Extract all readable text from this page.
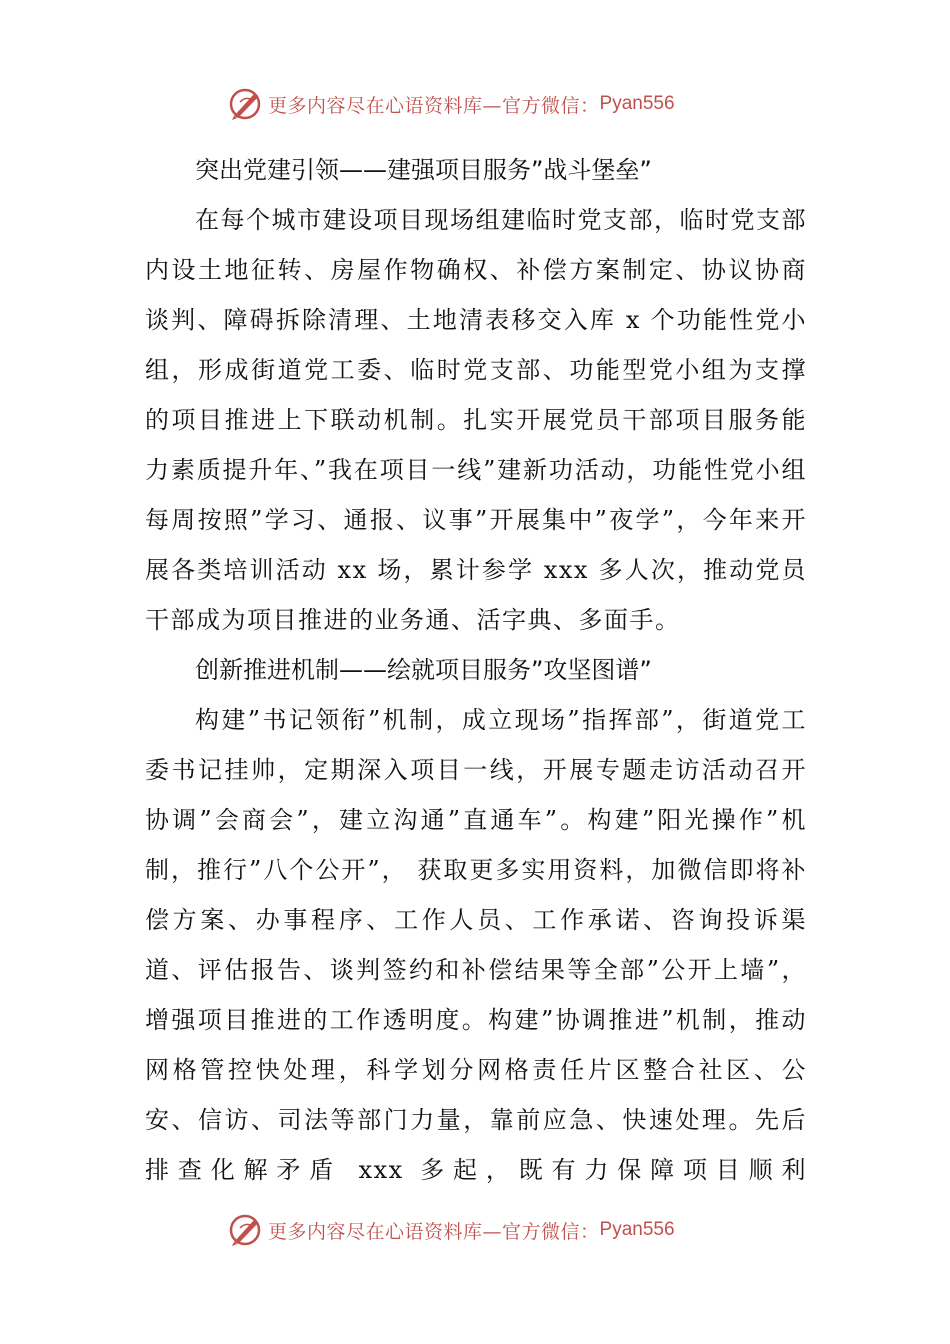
更多内容尽在心语资料库—官方微信： Pyan556
突出党建引领——建强项目服务”战斗堡垒”

在每个城市建设项目现场组建临时党支部，临时党支部内设土地征转、房屋作物确权、补偿方案制定、协议协商谈判、障碍拆除清理、土地清表移交入库 x 个功能性党小组，形成街道党工委、临时党支部、功能型党小组为支撑的项目推进上下联动机制。扎实开展党员干部项目服务能力素质提升年、”我在项目一线”建新功活动，功能性党小组每周按照”学习、通报、议事”开展集中”夜学”，今年来开展各类培训活动 xx 场，累计参学 xxx 多人次，推动党员干部成为项目推进的业务通、活字典、多面手。

创新推进机制——绘就项目服务”攻坚图谱”

构建”书记领衔”机制，成立现场”指挥部”，街道党工委书记挂帅，定期深入项目一线，开展专题走访活动召开协调”会商会”，建立沟通”直通车”。构建”阳光操作”机制，推行”八个公开”， 获取更多实用资料，加微信即将补偿方案、办事程序、工作人员、工作承诺、咨询投诉渠道、评估报告、谈判签约和补偿结果等全部”公开上墙”，增强项目推进的工作透明度。构建”协调推进”机制，推动网格管控快处理，科学划分网格责任片区整合社区、公安、信访、司法等部门力量，靠前应急、快速处理。先后排查化解矛盾 xxx 多起，既有力保障项目顺利

更多内容尽在心语资料库—官方微信： Pyan556
